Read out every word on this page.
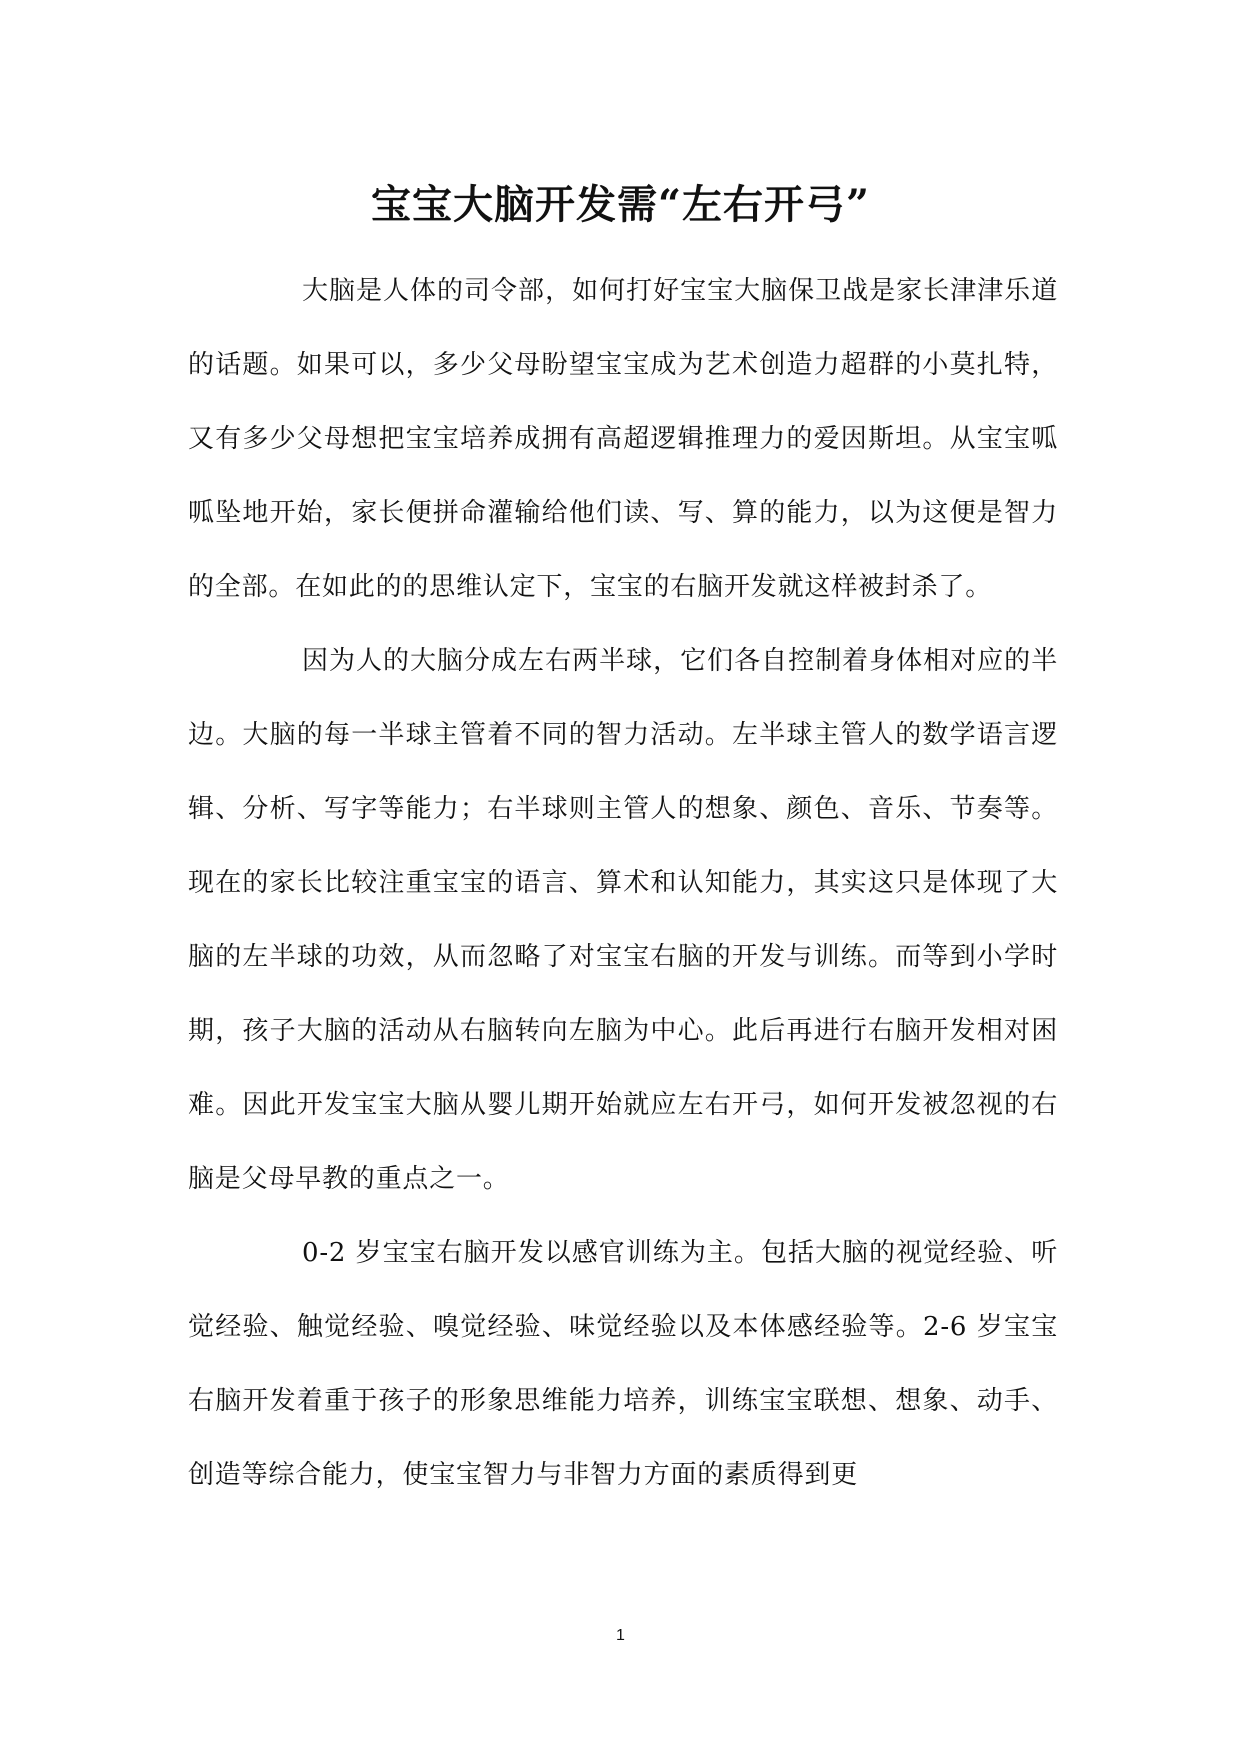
宝宝大脑开发需“左右开弓”

大脑是人体的司令部，如何打好宝宝大脑保卫战是家长津津乐道的话题。如果可以，多少父母盼望宝宝成为艺术创造力超群的小莫扎特，又有多少父母想把宝宝培养成拥有高超逻辑推理力的爱因斯坦。从宝宝呱呱坠地开始，家长便拼命灌输给他们读、写、算的能力，以为这便是智力的全部。在如此的的思维认定下，宝宝的右脑开发就这样被封杀了。

因为人的大脑分成左右两半球，它们各自控制着身体相对应的半边。大脑的每一半球主管着不同的智力活动。左半球主管人的数学语言逻辑、分析、写字等能力；右半球则主管人的想象、颜色、音乐、节奏等。现在的家长比较注重宝宝的语言、算术和认知能力，其实这只是体现了大脑的左半球的功效，从而忽略了对宝宝右脑的开发与训练。而等到小学时期，孩子大脑的活动从右脑转向左脑为中心。此后再进行右脑开发相对困难。因此开发宝宝大脑从婴儿期开始就应左右开弓，如何开发被忽视的右脑是父母早教的重点之一。

0-2 岁宝宝右脑开发以感官训练为主。包括大脑的视觉经验、听觉经验、触觉经验、嗅觉经验、味觉经验以及本体感经验等。2-6 岁宝宝右脑开发着重于孩子的形象思维能力培养，训练宝宝联想、想象、动手、创造等综合能力，使宝宝智力与非智力方面的素质得到更

1
